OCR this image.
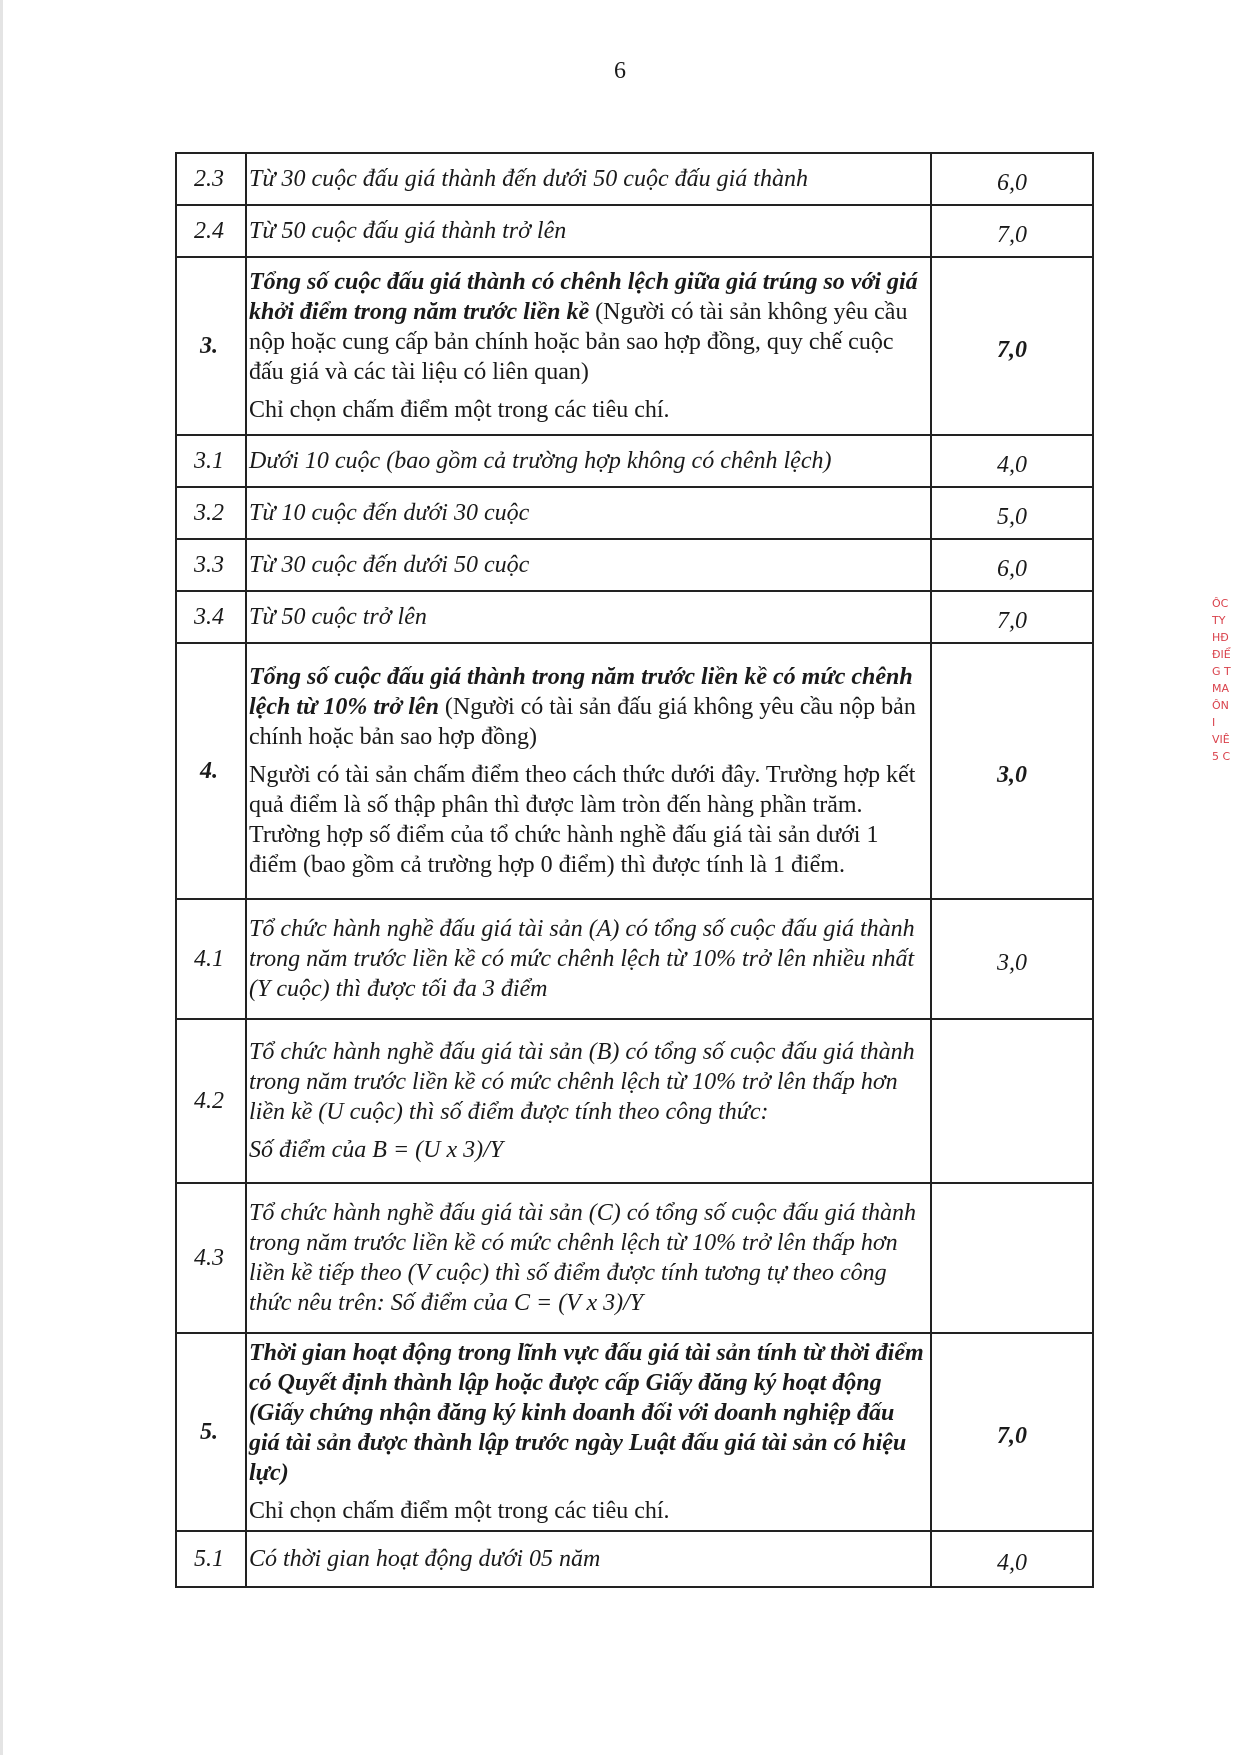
6
2.3	Từ 30 cuộc đấu giá thành đến dưới 50 cuộc đấu giá thành	6,0
2.4	Từ 50 cuộc đấu giá thành trở lên	7,0
3.	Tổng số cuộc đấu giá thành có chênh lệch giữa giá trúng so với giá khởi điểm trong năm trước liền kề (Người có tài sản không yêu cầu nộp hoặc cung cấp bản chính hoặc bản sao hợp đồng, quy chế cuộc đấu giá và các tài liệu có liên quan)

Chỉ chọn chấm điểm một trong các tiêu chí.	7,0
3.1	Dưới 10 cuộc (bao gồm cả trường hợp không có chênh lệch)	4,0
3.2	Từ 10 cuộc đến dưới 30 cuộc	5,0
3.3	Từ 30 cuộc đến dưới 50 cuộc	6,0
3.4	Từ 50 cuộc trở lên	7,0
4.	Tổng số cuộc đấu giá thành trong năm trước liền kề có mức chênh lệch từ 10% trở lên (Người có tài sản đấu giá không yêu cầu nộp bản chính hoặc bản sao hợp đồng)

Người có tài sản chấm điểm theo cách thức dưới đây. Trường hợp kết quả điểm là số thập phân thì được làm tròn đến hàng phần trăm. Trường hợp số điểm của tổ chức hành nghề đấu giá tài sản dưới 1 điểm (bao gồm cả trường hợp 0 điểm) thì được tính là 1 điểm.	3,0
4.1	Tổ chức hành nghề đấu giá tài sản (A) có tổng số cuộc đấu giá thành trong năm trước liền kề có mức chênh lệch từ 10% trở lên nhiều nhất (Y cuộc) thì được tối đa 3 điểm	3,0
4.2	Tổ chức hành nghề đấu giá tài sản (B) có tổng số cuộc đấu giá thành trong năm trước liền kề có mức chênh lệch từ 10% trở lên thấp hơn liền kề (U cuộc) thì số điểm được tính theo công thức:

Số điểm của B = (U x 3)/Y	

4.3	Tổ chức hành nghề đấu giá tài sản (C) có tổng số cuộc đấu giá thành trong năm trước liền kề có mức chênh lệch từ 10% trở lên thấp hơn liền kề tiếp theo (V cuộc) thì số điểm được tính tương tự theo công thức nêu trên: Số điểm của C = (V x 3)/Y	
5.	Thời gian hoạt động trong lĩnh vực đấu giá tài sản tính từ thời điểm có Quyết định thành lập hoặc được cấp Giấy đăng ký hoạt động (Giấy chứng nhận đăng ký kinh doanh đối với doanh nghiệp đấu giá tài sản được thành lập trước ngày Luật đấu giá tài sản có hiệu lực)

Chỉ chọn chấm điểm một trong các tiêu chí.	7,0
5.1	Có thời gian hoạt động dưới 05 năm	4,0
ÔC
TY
HĐ
ĐIỂ
G T
MA
ÔN
I
VIÊ
5 C
